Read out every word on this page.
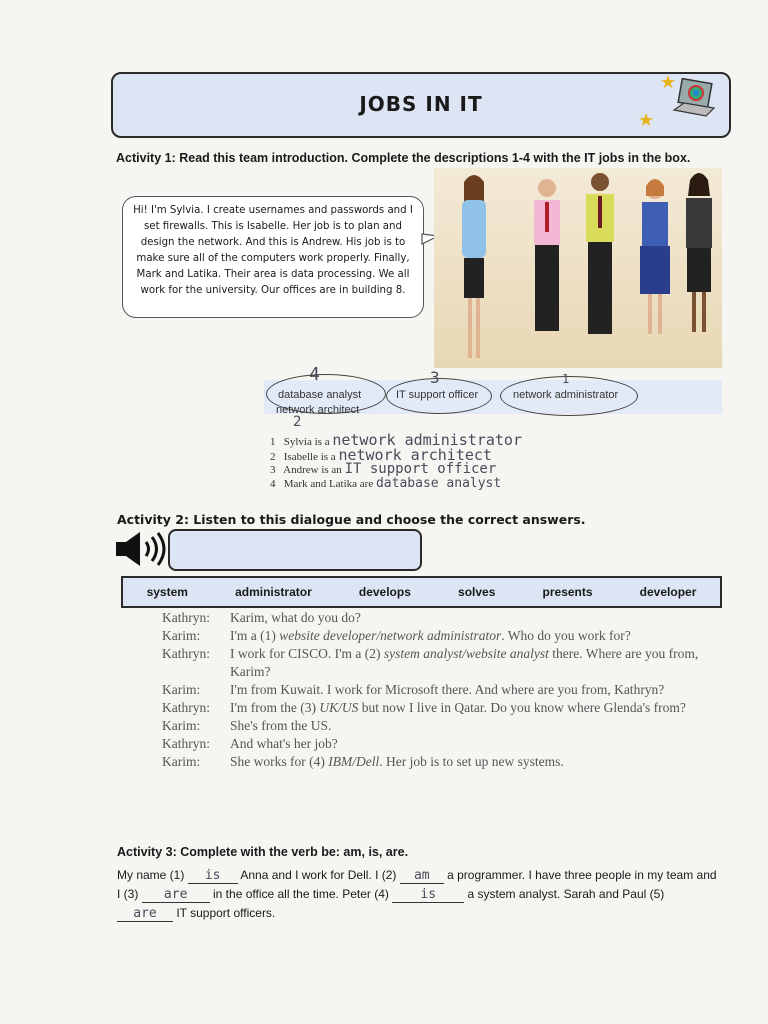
JOBS IN IT
★
★
Activity 1: Read this team introduction. Complete the descriptions 1-4 with the IT jobs in the box.
Hi! I'm Sylvia. I create usernames and passwords and I set firewalls. This is Isabelle. Her job is to plan and design the network. And this is Andrew. His job is to make sure all of the computers work properly. Finally, Mark and Latika. Their area is data processing. We all work for the university. Our offices are in building 8.
4	3	1
2
database analyst	IT support officer	network administrator
network architect
1 Sylvia is a network administrator
2 Isabelle is a network architect
3 Andrew is an IT support officer
4 Mark and Latika are database analyst
Activity 2: Listen to this dialogue and choose the correct answers.
system	administrator	develops	solves	presents	developer
Kathryn:	Karim, what do you do?
Karim:	I'm a (1) website developer/network administrator. Who do you work for?
Kathryn:	I work for CISCO. I'm a (2) system analyst/website analyst there. Where are you from, Karim?
Karim:	I'm from Kuwait. I work for Microsoft there. And where are you from, Kathryn?
Kathryn:	I'm from the (3) UK/US but now I live in Qatar. Do you know where Glenda's from?
Karim:	She's from the US.
Kathryn:	And what's her job?
Karim:	She works for (4) IBM/Dell. Her job is to set up new systems.
Activity 3: Complete with the verb be: am, is, are.
My name (1) is Anna and I work for Dell. I (2) am a programmer. I have three people in my team and I (3) are in the office all the time. Peter (4) is a system analyst. Sarah and Paul (5) are IT support officers.
